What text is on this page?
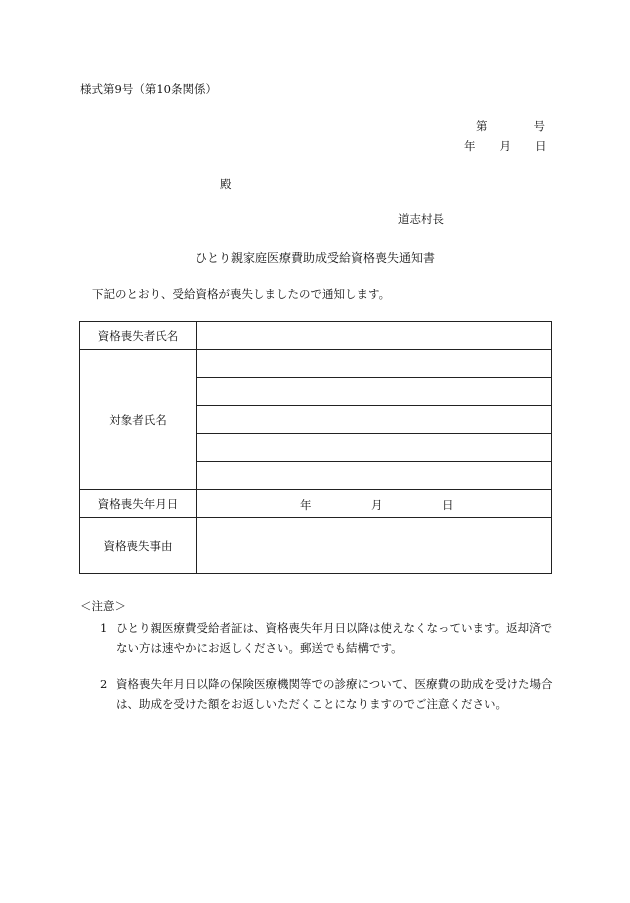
様式第9号（第10条関係）
第	号
年 月 日
殿
道志村長
ひとり親家庭医療費助成受給資格喪失通知書
下記のとおり、受給資格が喪失しましたので通知します。
資格喪失者氏名	
対象者氏名	

資格喪失年月日	年 月 日

資格喪失事由	
＜注意＞
1 ひとり親医療費受給者証は、資格喪失年月日以降は使えなくなっています。返却済でない方は速やかにお返しください。郵送でも結構です。
2 資格喪失年月日以降の保険医療機関等での診療について、医療費の助成を受けた場合は、助成を受けた額をお返しいただくことになりますのでご注意ください。
